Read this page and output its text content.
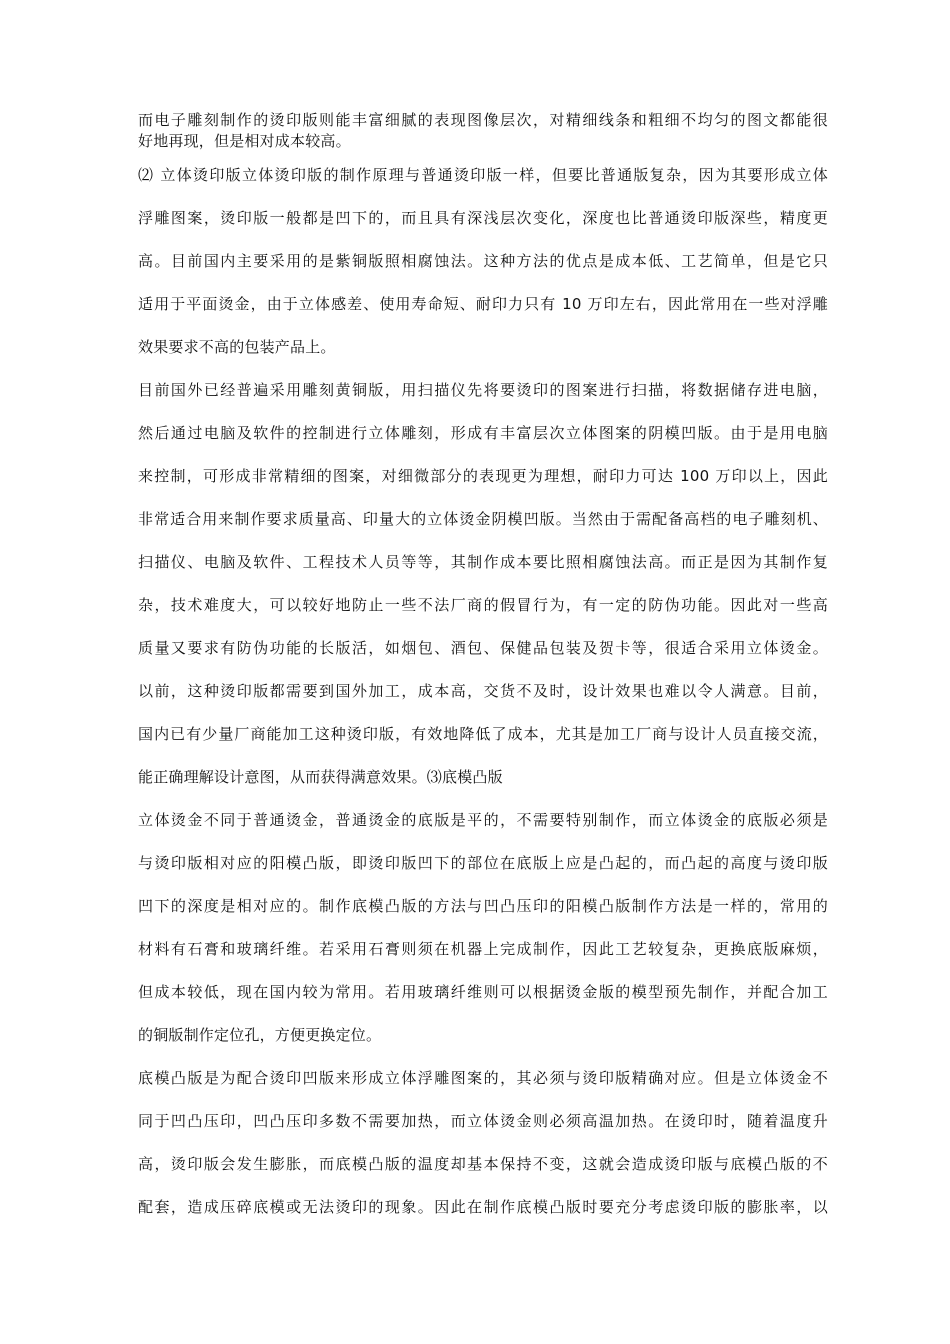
而电子雕刻制作的烫印版则能丰富细腻的表现图像层次，对精细线条和粗细不均匀的图文都能很
好地再现，但是相对成本较高。
⑵ 立体烫印版立体烫印版的制作原理与普通烫印版一样，但要比普通版复杂，因为其要形成立体
浮雕图案，烫印版一般都是凹下的，而且具有深浅层次变化，深度也比普通烫印版深些，精度更
高。目前国内主要采用的是紫铜版照相腐蚀法。这种方法的优点是成本低、工艺简单，但是它只
适用于平面烫金，由于立体感差、使用寿命短、耐印力只有 10 万印左右，因此常用在一些对浮雕
效果要求不高的包装产品上。
目前国外已经普遍采用雕刻黄铜版，用扫描仪先将要烫印的图案进行扫描，将数据储存进电脑，
然后通过电脑及软件的控制进行立体雕刻，形成有丰富层次立体图案的阴模凹版。由于是用电脑
来控制，可形成非常精细的图案，对细微部分的表现更为理想，耐印力可达 100 万印以上，因此
非常适合用来制作要求质量高、印量大的立体烫金阴模凹版。当然由于需配备高档的电子雕刻机、
扫描仪、电脑及软件、工程技术人员等等，其制作成本要比照相腐蚀法高。而正是因为其制作复
杂，技术难度大，可以较好地防止一些不法厂商的假冒行为，有一定的防伪功能。因此对一些高
质量又要求有防伪功能的长版活，如烟包、酒包、保健品包装及贺卡等，很适合采用立体烫金。
以前，这种烫印版都需要到国外加工，成本高，交货不及时，设计效果也难以令人满意。目前，
国内已有少量厂商能加工这种烫印版，有效地降低了成本，尤其是加工厂商与设计人员直接交流，
能正确理解设计意图，从而获得满意效果。⑶底模凸版
立体烫金不同于普通烫金，普通烫金的底版是平的，不需要特别制作，而立体烫金的底版必须是
与烫印版相对应的阳模凸版，即烫印版凹下的部位在底版上应是凸起的，而凸起的高度与烫印版
凹下的深度是相对应的。制作底模凸版的方法与凹凸压印的阳模凸版制作方法是一样的，常用的
材料有石膏和玻璃纤维。若采用石膏则须在机器上完成制作，因此工艺较复杂，更换底版麻烦，
但成本较低，现在国内较为常用。若用玻璃纤维则可以根据烫金版的模型预先制作，并配合加工
的铜版制作定位孔，方便更换定位。
底模凸版是为配合烫印凹版来形成立体浮雕图案的，其必须与烫印版精确对应。但是立体烫金不
同于凹凸压印，凹凸压印多数不需要加热，而立体烫金则必须高温加热。在烫印时，随着温度升
高，烫印版会发生膨胀，而底模凸版的温度却基本保持不变，这就会造成烫印版与底模凸版的不
配套，造成压碎底模或无法烫印的现象。因此在制作底模凸版时要充分考虑烫印版的膨胀率，以
